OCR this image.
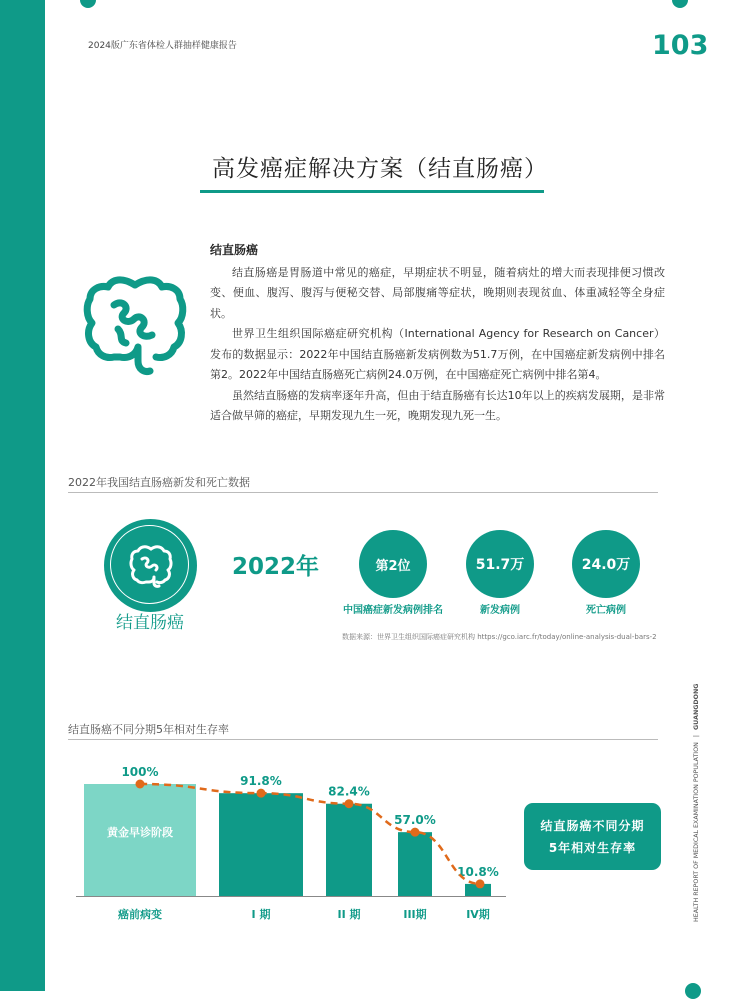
2024版广东省体检人群抽样健康报告	103
高发癌症解决方案（结直肠癌）
结直肠癌

结直肠癌是胃肠道中常见的癌症，早期症状不明显，随着病灶的增大而表现排便习惯改变、便血、腹泻、腹泻与便秘交替、局部腹痛等症状，晚期则表现贫血、体重减轻等全身症状。

世界卫生组织国际癌症研究机构（International Agency for Research on Cancer）发布的数据显示：2022年中国结直肠癌新发病例数为51.7万例，在中国癌症新发病例中排名第2。2022年中国结直肠癌死亡病例24.0万例，在中国癌症死亡病例中排名第4。

虽然结直肠癌的发病率逐年升高，但由于结直肠癌有长达10年以上的疾病发展期，是非常适合做早筛的癌症，早期发现九生一死，晚期发现九死一生。

2022年我国结直肠癌新发和死亡数据
结直肠癌
2022年	第2位	51.7万	24.0万
中国癌症新发病例排名	新发病例	死亡病例
数据来源：世界卫生组织国际癌症研究机构 https://gco.iarc.fr/today/online-analysis-dual-bars-2
结直肠癌不同分期5年相对生存率
100%
癌前病变
91.8%
I 期
82.4%
II 期
57.0%
III期
10.8%
IV期
黄金早诊阶段	结直肠癌不同分期
5年相对生存率	HEALTH REPORT OF MEDICAL EXAMINATION POPULATION | GUANGDONG
